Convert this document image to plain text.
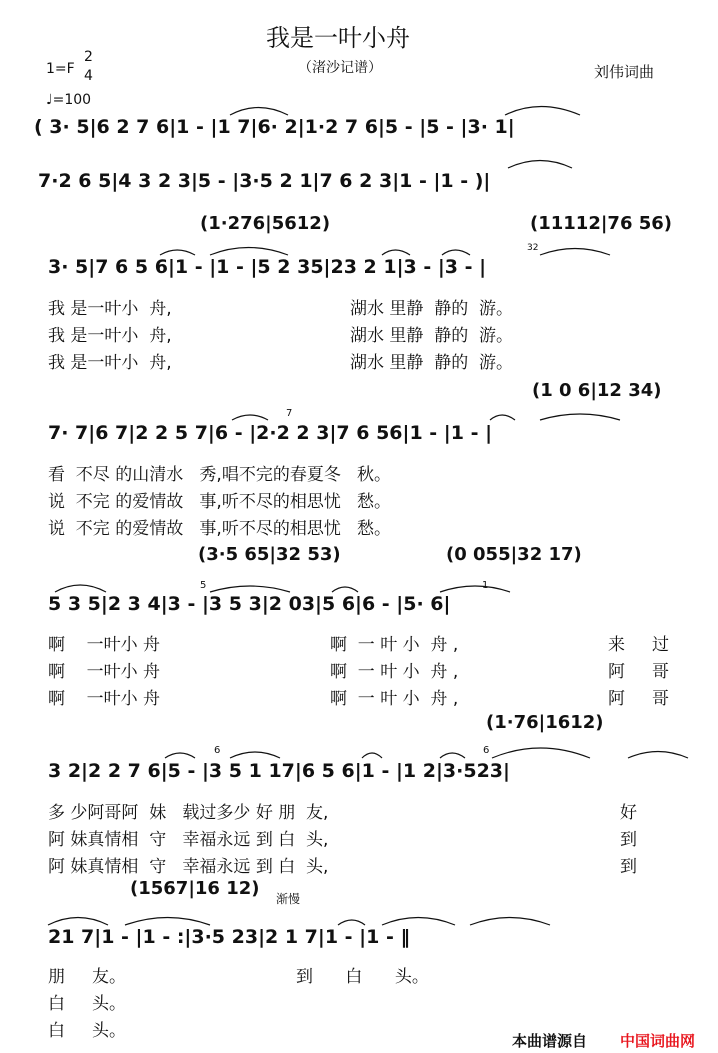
我是一叶小舟
（渚沙记谱）
1=F
2
4
♩=100
刘伟词曲
( 3· 5|6 2 7 6|1 - |1 7|6· 2|1·2 7 6|5 - |5 - |3· 1|
7·2 6 5|4 3 2 3|5 - |3·5 2 1|7 6 2 3|1 - |1 - )|
(1·276|5612)	(11112|76 56)
3· 5|7 6 5 6|1 - |1 - |5 2 35|23 2 1|3 - |3 - |
我 是一叶小  舟,	湖水 里静  静的  游。
我 是一叶小  舟,	湖水 里静  静的  游。
我 是一叶小  舟,	湖水 里静  静的  游。
(1 0 6|12 34)
7· 7|6 7|2 2 5 7|6 - |2·2 2 3|7 6 56|1 - |1 - |
看  不尽 的山清水   秀,唱不完的春夏冬   秋。
说  不完 的爱情故   事,听不尽的相思忧   愁。
说  不完 的爱情故   事,听不尽的相思忧   愁。
(3·5 65|32 53)	(0 055|32 17)
5 3 5|2 3 4|3 - |3 5 3|2 03|5 6|6 - |5· 6|
啊    一叶小 舟	啊  一 叶 小  舟 ,	来     过
啊    一叶小 舟	啊  一 叶 小  舟 ,	阿     哥
啊    一叶小 舟	啊  一 叶 小  舟 ,	阿     哥
(1·76|1612)
3 2|2 2 7 6|5 - |3 5 1 17|6 5 6|1 - |1 2|3·523|
多 少阿哥阿  妹   载过多少 好 朋  友,	好
阿 妹真情相  守   幸福永远 到 白  头,	到
阿 妹真情相  守   幸福永远 到 白  头,	到
(1567|16 12) 渐慢
21 7|1 - |1 - :|3·5 23|2 1 7|1 - |1 - ‖
朋     友。	到      白      头。
白     头。
白     头。
32
7
5	1
6	6
本曲谱源自 中国词曲网
